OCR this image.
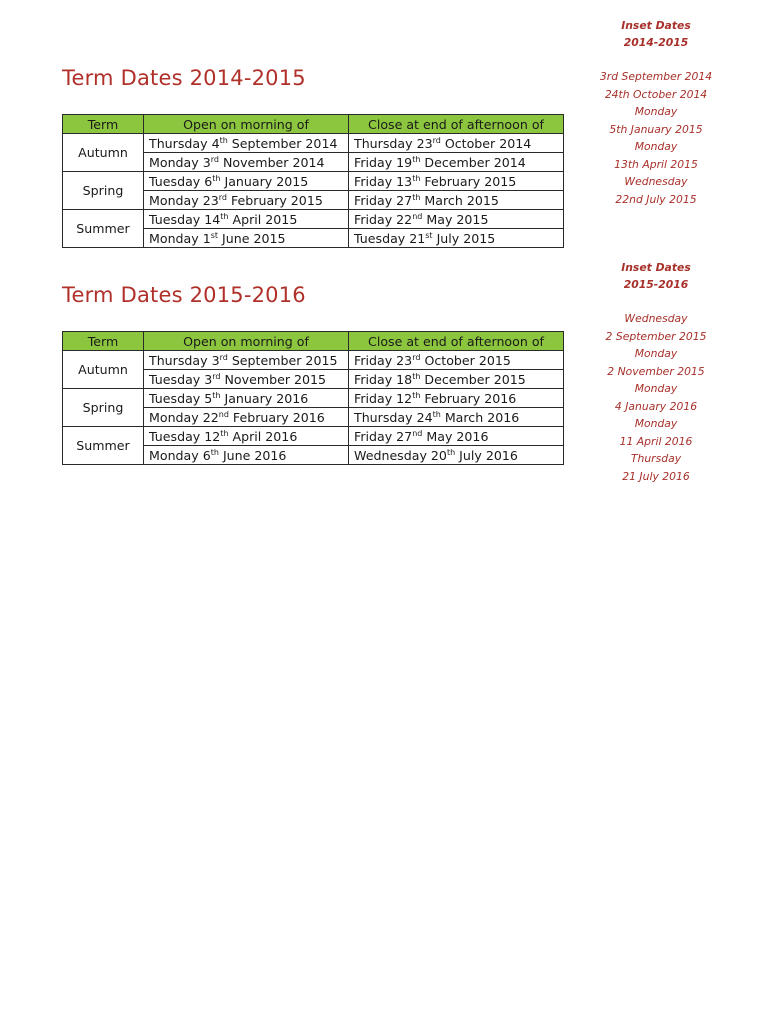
Term Dates 2014-2015
Term	Open on morning of	Close at end of afternoon of
Autumn	Thursday 4th September 2014	Thursday 23rd October 2014
	Monday 3rd November 2014	Friday 19th December 2014
Spring	Tuesday 6th January 2015	Friday 13th February 2015
	Monday 23rd February 2015	Friday 27th March 2015
Summer	Tuesday 14th April 2015	Friday 22nd May 2015
	Monday 1st June 2015	Tuesday 21st July 2015
Term Dates 2015-2016
Term	Open on morning of	Close at end of afternoon of
Autumn	Thursday 3rd September 2015	Friday 23rd October 2015
	Tuesday 3rd November 2015	Friday 18th December 2015
Spring	Tuesday 5th January 2016	Friday 12th February 2016
	Monday 22nd February 2016	Thursday 24th March 2016
Summer	Tuesday 12th April 2016	Friday 27nd May 2016
	Monday 6th June 2016	Wednesday 20th July 2016
Inset Dates
2014-2015
3rd September 2014
24th October 2014
Monday
5th January 2015
Monday
13th April 2015
Wednesday
22nd July 2015
Inset Dates
2015-2016
Wednesday
2 September 2015
Monday
2 November 2015
Monday
4 January 2016
Monday
11 April 2016
Thursday
21 July 2016
